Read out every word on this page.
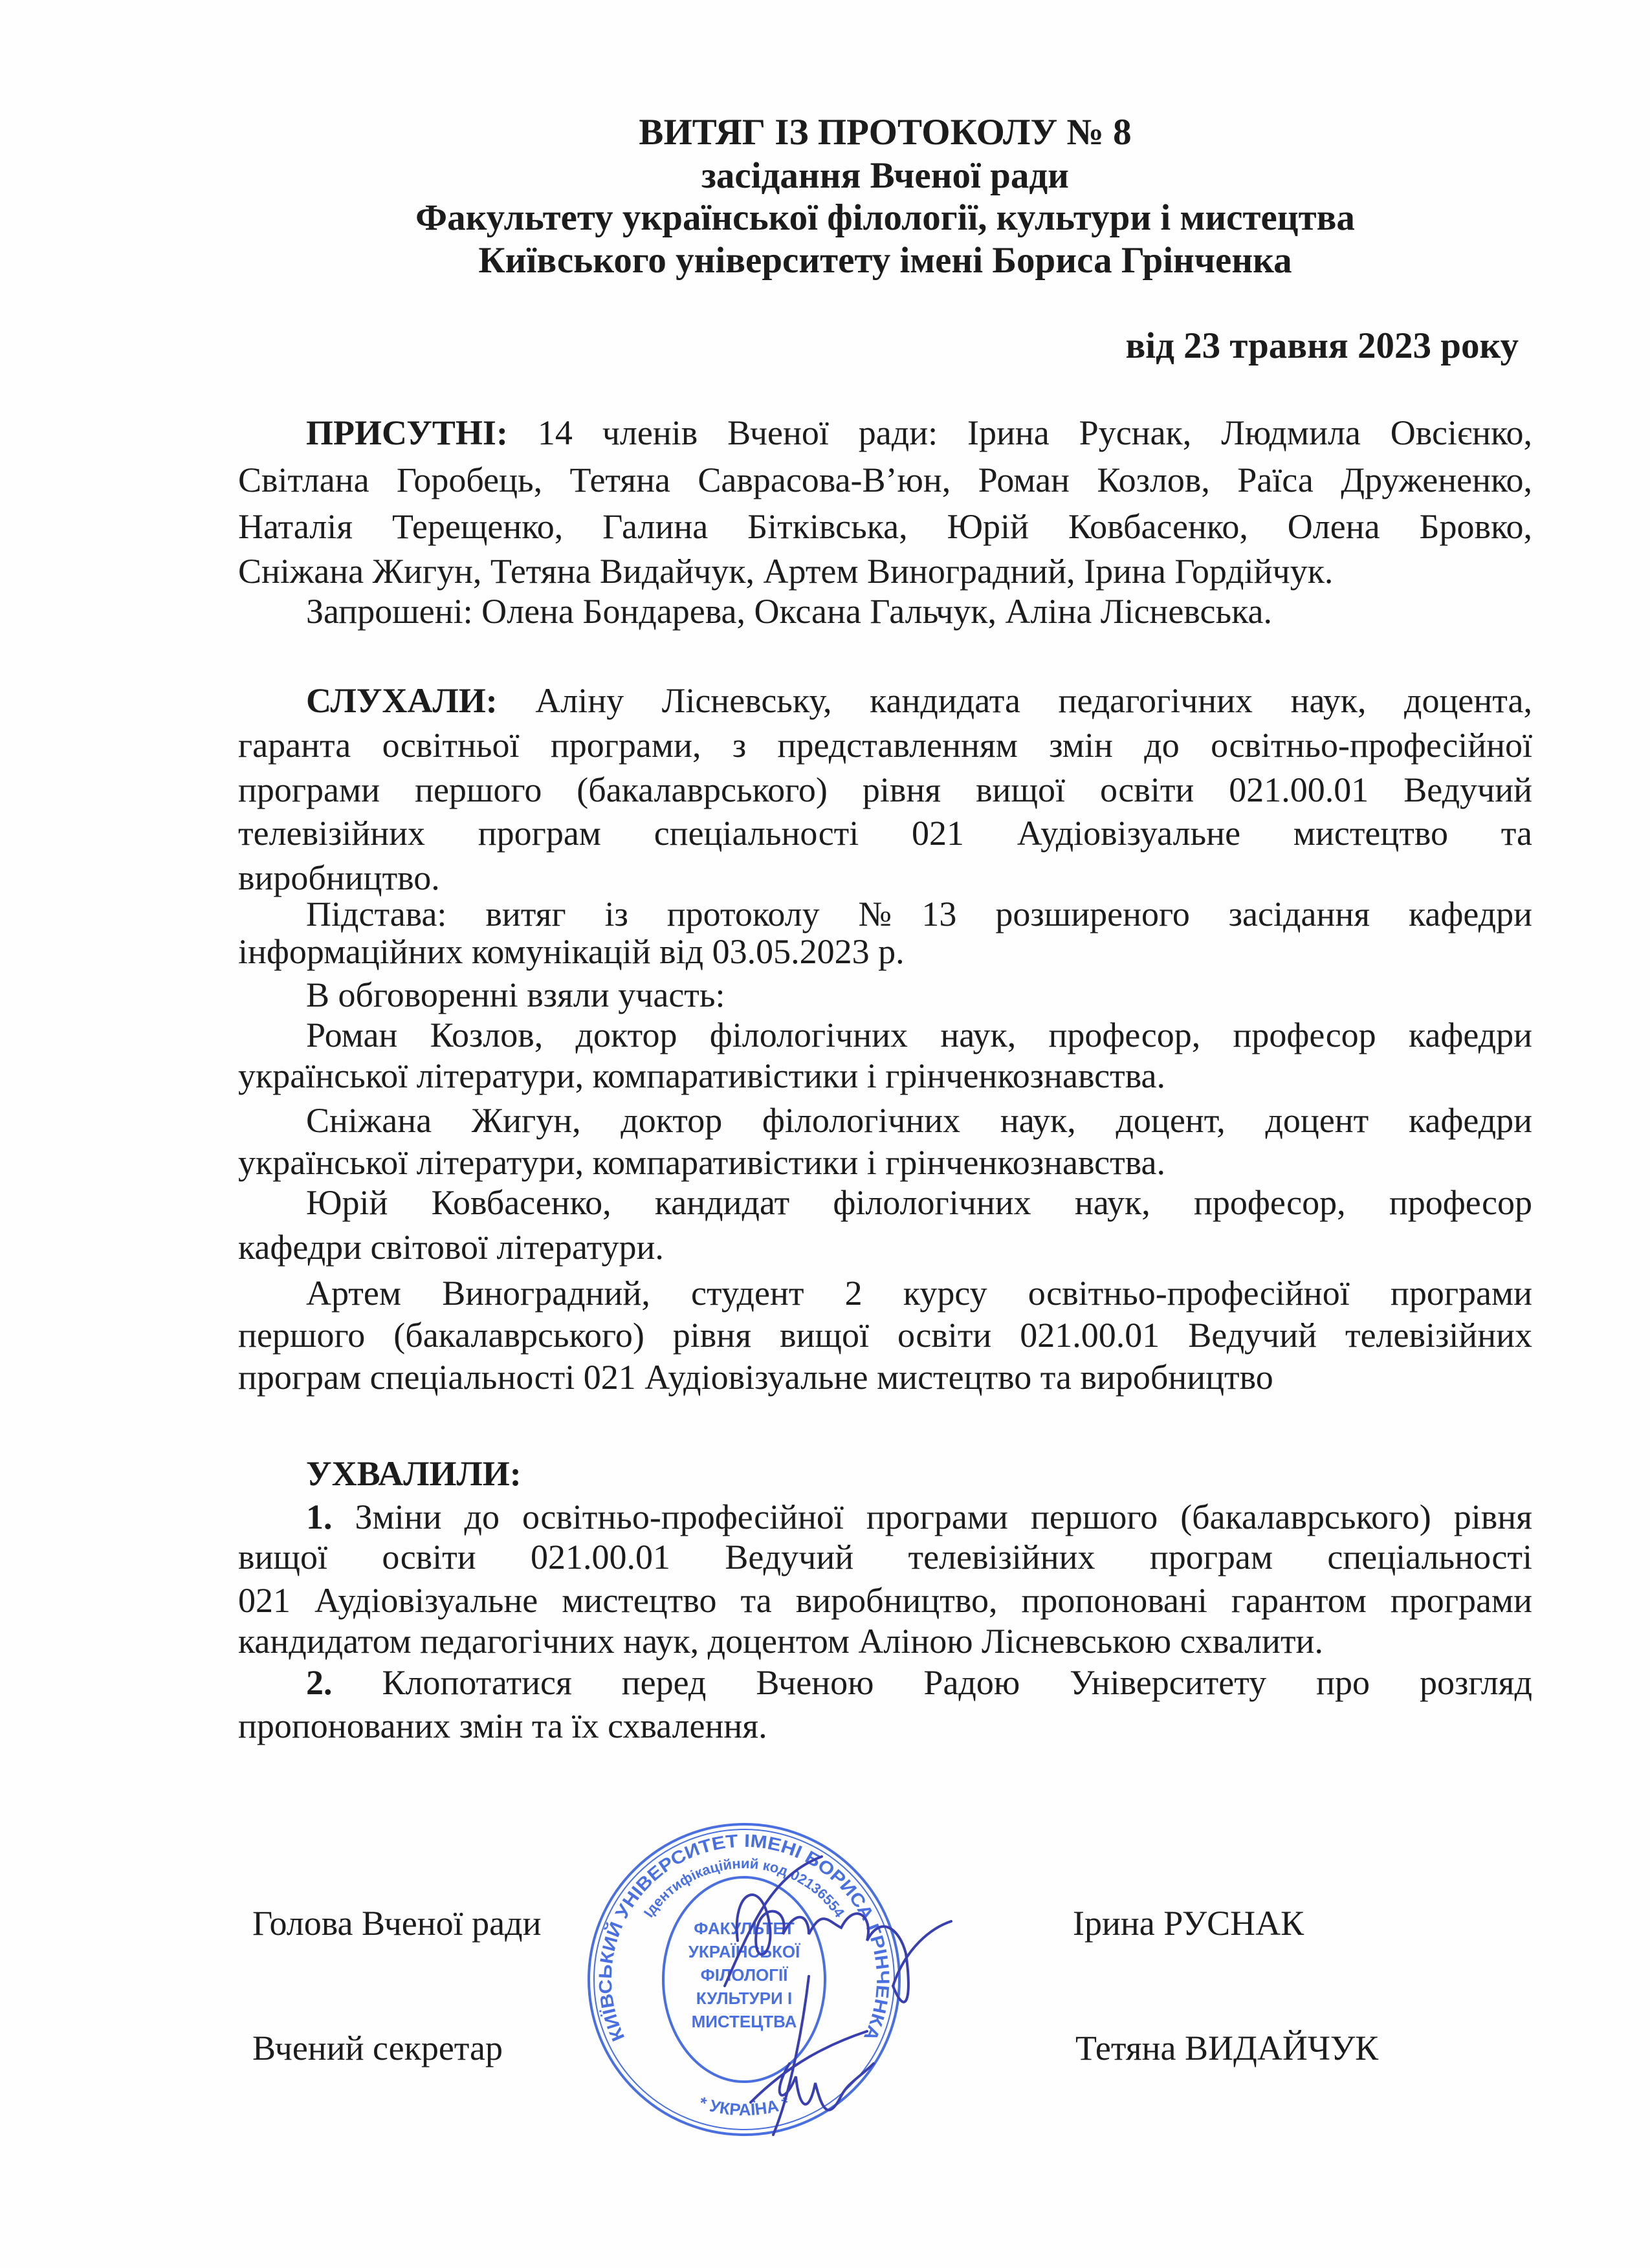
ВИТЯГ ІЗ ПРОТОКОЛУ № 8
засідання Вченої ради
Факультету української філології, культури і мистецтва
Київського університету імені Бориса Грінченка
від 23 травня 2023 року
ПРИСУТНІ: 14 членів Вченої ради: Ірина Руснак, Людмила Овсієнко,
Світлана Горобець, Тетяна Саврасова-В’юн, Роман Козлов, Раїса Дружененко,
Наталія Терещенко, Галина Бітківська, Юрій Ковбасенко, Олена Бровко,
Сніжана Жигун, Тетяна Видайчук, Артем Виноградний, Ірина Гордійчук.
Запрошені: Олена Бондарева, Оксана Гальчук, Аліна Лісневська.
СЛУХАЛИ: Аліну Лісневську, кандидата педагогічних наук, доцента,
гаранта освітньої програми, з представленням змін до освітньо-професійної
програми першого (бакалаврського) рівня вищої освіти 021.00.01 Ведучий
телевізійних програм спеціальності 021 Аудіовізуальне мистецтво та
виробництво.
Підстава: витяг із протоколу №13 розширеного засідання кафедри
інформаційних комунікацій від 03.05.2023 р.
В обговоренні взяли участь:
Роман Козлов, доктор філологічних наук, професор, професор кафедри
української літератури, компаративістики і грінченкознавства.
Сніжана Жигун, доктор філологічних наук, доцент, доцент кафедри
української літератури, компаративістики і грінченкознавства.
Юрій Ковбасенко, кандидат філологічних наук, професор, професор
кафедри світової літератури.
Артем Виноградний, студент 2 курсу освітньо-професійної програми
першого (бакалаврського) рівня вищої освіти 021.00.01 Ведучий телевізійних
програм спеціальності 021 Аудіовізуальне мистецтво та виробництво
УХВАЛИЛИ:
1. Зміни до освітньо-професійної програми першого (бакалаврського) рівня
вищої освіти 021.00.01 Ведучий телевізійних програм спеціальності
021 Аудіовізуальне мистецтво та виробництво, пропоновані гарантом програми
кандидатом педагогічних наук, доцентом Аліною Лісневською схвалити.
2. Клопотатися перед Вченою Радою Університету про розгляд
пропонованих змін та їх схвалення.
Голова Вченої ради	Ірина РУСНАК
Вчений секретар	Тетяна ВИДАЙЧУК
КИЇВСЬКИЙ УНІВЕРСИТЕТ ІМЕНІ БОРИСА ГРІНЧЕНКА
Ідентифікаційний код 02136554
* УКРАЇНА *
ФАКУЛЬТЕТ
УКРАЇНСЬКОЇ
ФІЛОЛОГІЇ
КУЛЬТУРИ І
МИСТЕЦТВА
